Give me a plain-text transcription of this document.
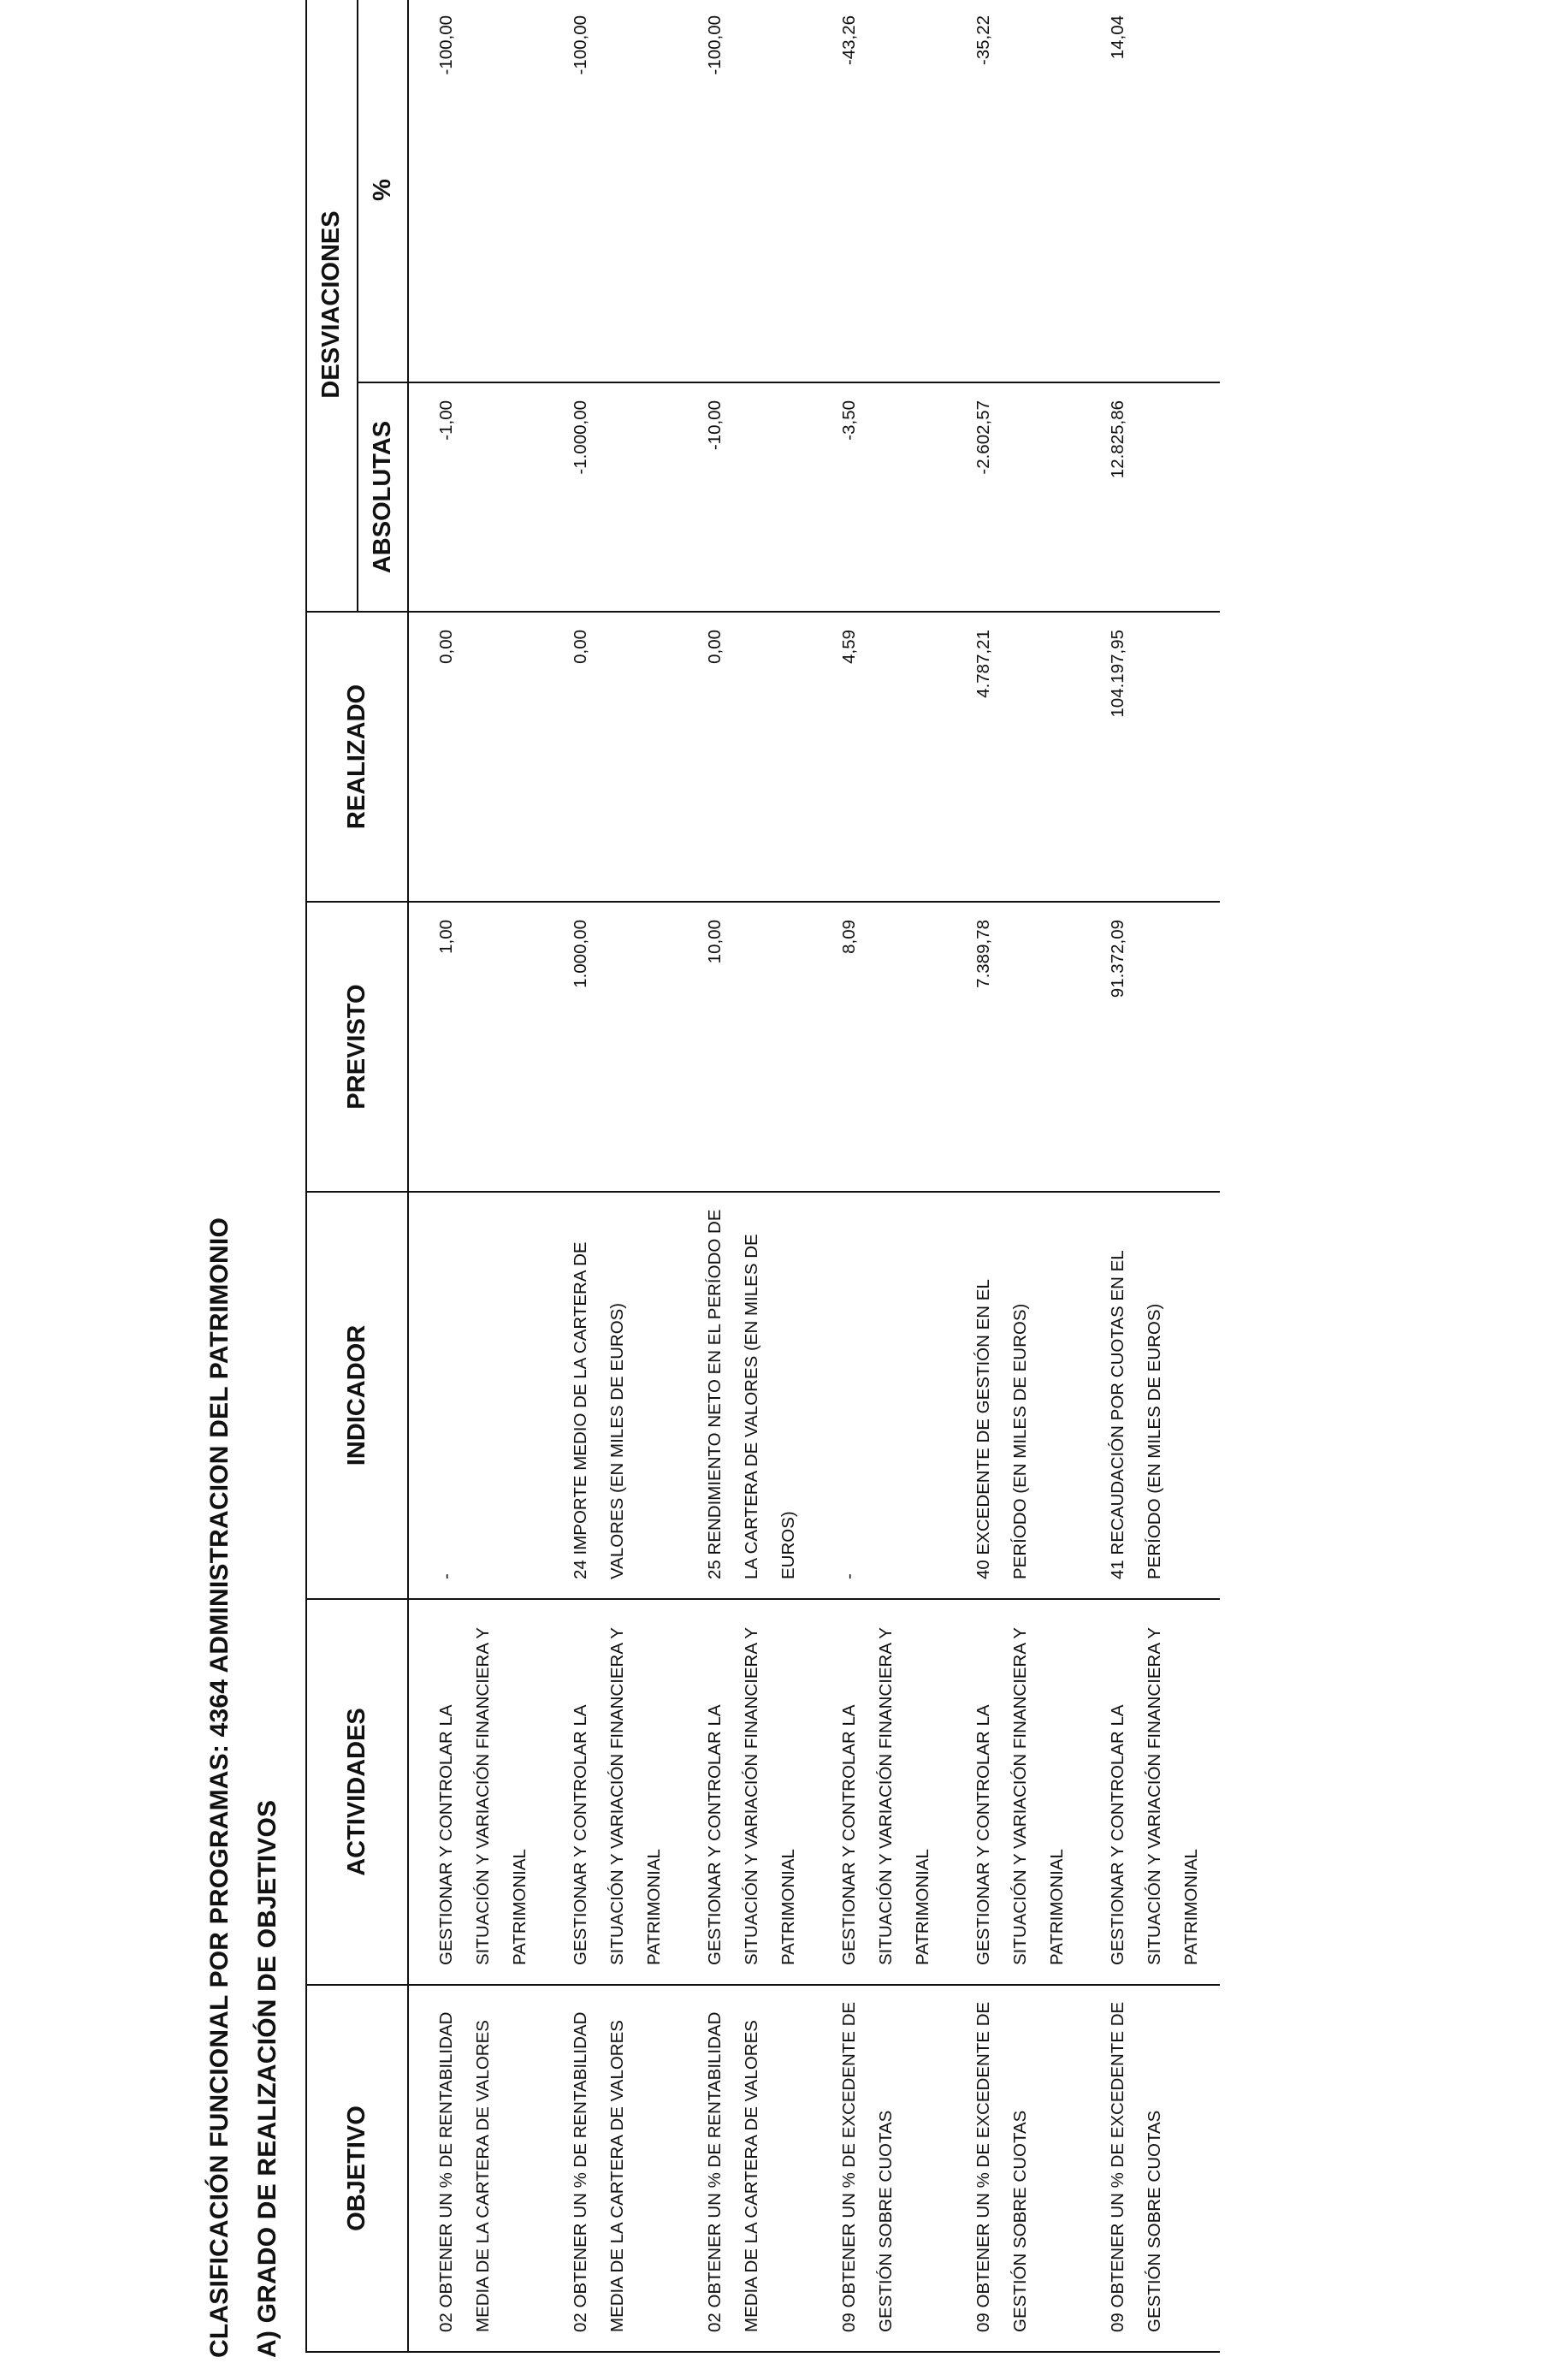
CLASIFICACIÓN FUNCIONAL POR PROGRAMAS: 4364 ADMINISTRACION DEL PATRIMONIO A) GRADO DE REALIZACIÓN DE OBJETIVOS OBJETIVO	ACTIVIDADES	INDICADOR	PREVISTO	REALIZADO	DESVIACIONES	
					ABSOLUTAS	%
02 OBTENER UN % DE RENTABILIDAD MEDIA DE LA CARTERA DE VALORES	GESTIONAR Y CONTROLAR LA SITUACIÓN Y VARIACIÓN FINANCIERA Y PATRIMONIAL	-	1,00	0,00	-1,00	-100,00
02 OBTENER UN % DE RENTABILIDAD MEDIA DE LA CARTERA DE VALORES	GESTIONAR Y CONTROLAR LA SITUACIÓN Y VARIACIÓN FINANCIERA Y PATRIMONIAL	24 IMPORTE MEDIO DE LA CARTERA DE VALORES (EN MILES DE EUROS)	1.000,00	0,00	-1.000,00	-100,00
02 OBTENER UN % DE RENTABILIDAD MEDIA DE LA CARTERA DE VALORES	GESTIONAR Y CONTROLAR LA SITUACIÓN Y VARIACIÓN FINANCIERA Y PATRIMONIAL	25 RENDIMIENTO NETO EN EL PERÍODO DE LA CARTERA DE VALORES (EN MILES DE EUROS)	10,00	0,00	-10,00	-100,00
09 OBTENER UN % DE EXCEDENTE DE GESTIÓN SOBRE CUOTAS	GESTIONAR Y CONTROLAR LA SITUACIÓN Y VARIACIÓN FINANCIERA Y PATRIMONIAL	-	8,09	4,59	-3,50	-43,26
09 OBTENER UN % DE EXCEDENTE DE GESTIÓN SOBRE CUOTAS	GESTIONAR Y CONTROLAR LA SITUACIÓN Y VARIACIÓN FINANCIERA Y PATRIMONIAL	40 EXCEDENTE DE GESTIÓN EN EL PERÍODO (EN MILES DE EUROS)	7.389,78	4.787,21	-2.602,57	-35,22
09 OBTENER UN % DE EXCEDENTE DE GESTIÓN SOBRE CUOTAS	GESTIONAR Y CONTROLAR LA SITUACIÓN Y VARIACIÓN FINANCIERA Y PATRIMONIAL	41 RECAUDACIÓN POR CUOTAS EN EL PERÍODO (EN MILES DE EUROS)	91.372,09	104.197,95	12.825,86	14,04
